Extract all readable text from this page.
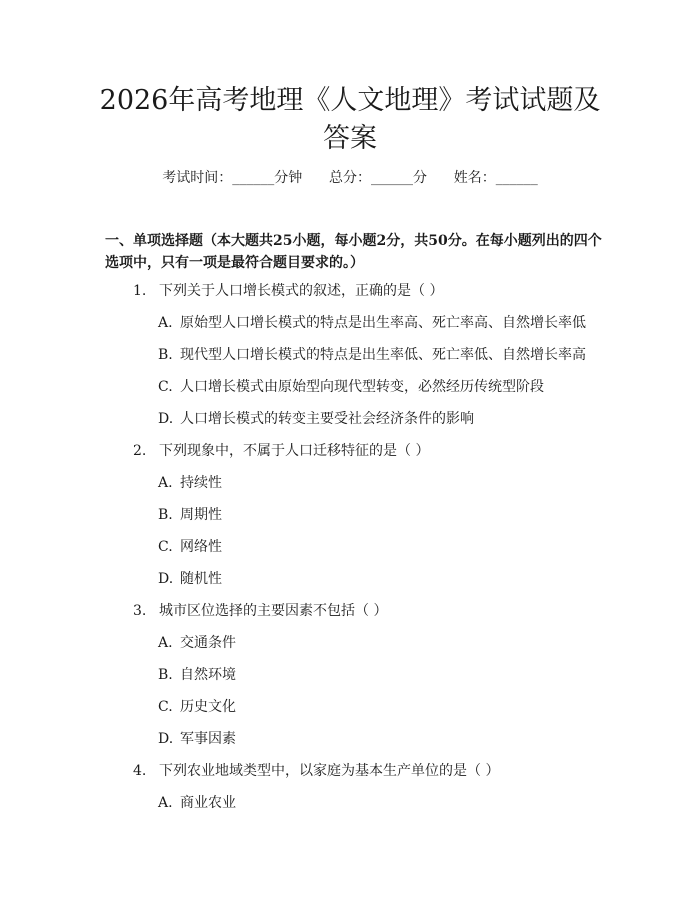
2026年高考地理《人文地理》考试试题及答案
考试时间：______分钟      总分：______分      姓名：______

一、单项选择题（本大题共25小题，每小题2分，共50分。在每小题列出的四个选项中，只有一项是最符合题目要求的。）

1. 下列关于人口增长模式的叙述，正确的是（ ）
A. 原始型人口增长模式的特点是出生率高、死亡率高、自然增长率低
B. 现代型人口增长模式的特点是出生率低、死亡率低、自然增长率高
C. 人口增长模式由原始型向现代型转变，必然经历传统型阶段
D. 人口增长模式的转变主要受社会经济条件的影响
2. 下列现象中，不属于人口迁移特征的是（ ）
A. 持续性
B. 周期性
C. 网络性
D. 随机性
3. 城市区位选择的主要因素不包括（ ）
A. 交通条件
B. 自然环境
C. 历史文化
D. 军事因素
4. 下列农业地域类型中，以家庭为基本生产单位的是（ ）
A. 商业农业
